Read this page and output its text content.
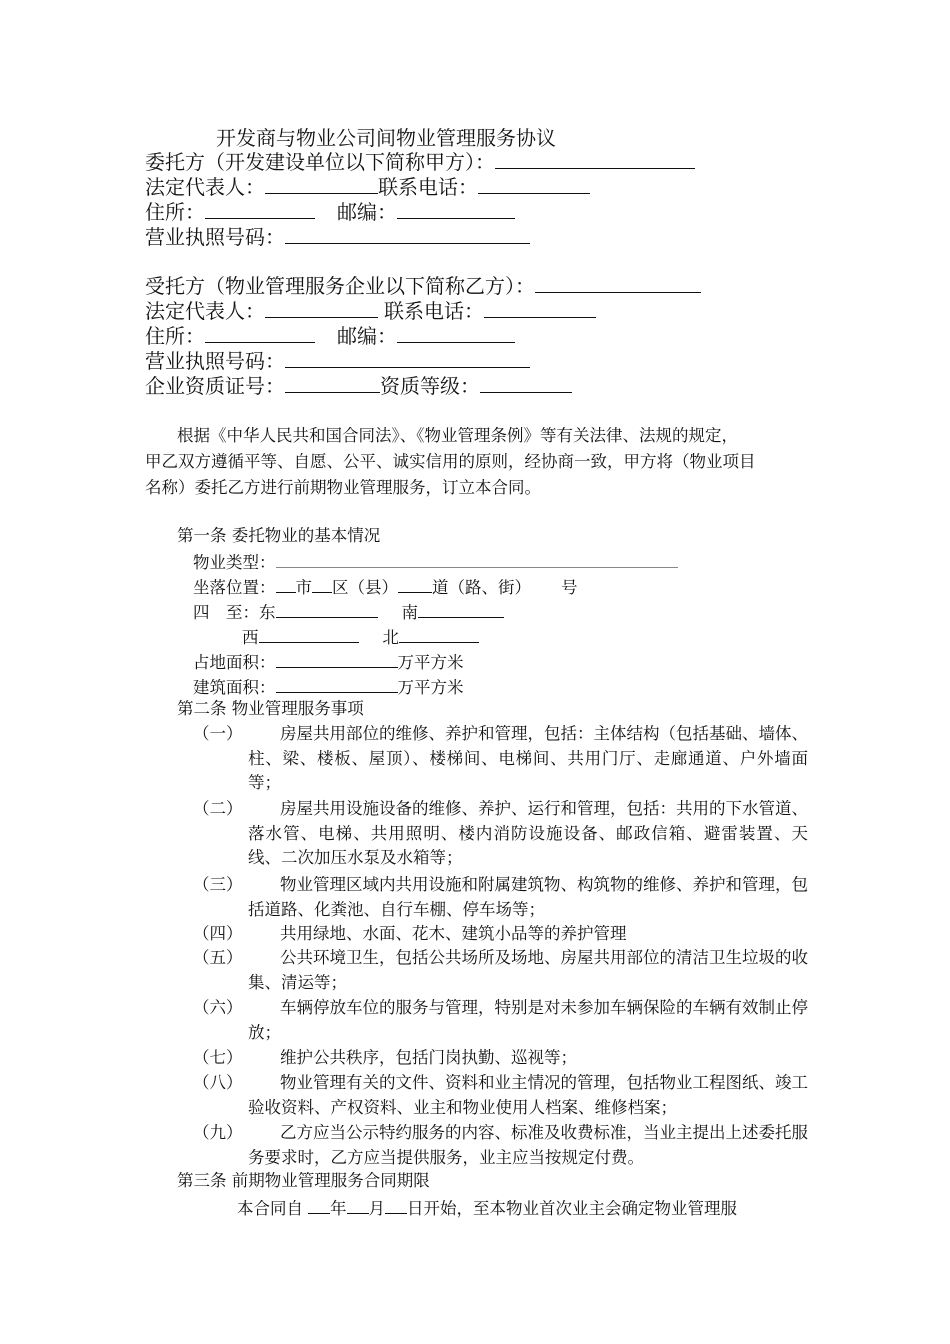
开发商与物业公司间物业管理服务协议
委托方（开发建设单位以下简称甲方）：
法定代表人：	联系电话：
住所：	邮编：
营业执照号码：
受托方（物业管理服务企业以下简称乙方）：
法定代表人：	联系电话：
住所：	邮编：
营业执照号码：
企业资质证号：	资质等级：
根据《中华人民共和国合同法》、《物业管理条例》等有关法律、法规的规定，
甲乙双方遵循平等、自愿、公平、诚实信用的原则，经协商一致，甲方将（物业项目
名称）委托乙方进行前期物业管理服务，订立本合同。
第一条 委托物业的基本情况
物业类型：
坐落位置： 市 区（县） 道（路、街） 号
四　至：东	南
西	北
占地面积：	万平方米
建筑面积：	万平方米
第二条 物业管理服务事项
（一）	房屋共用部位的维修、养护和管理，包括：主体结构（包括基础、墙体、柱、梁、楼板、屋顶）、楼梯间、电梯间、共用门厅、走廊通道、户外墙面等；
（二）	房屋共用设施设备的维修、养护、运行和管理，包括：共用的下水管道、落水管、电梯、共用照明、楼内消防设施设备、邮政信箱、避雷装置、天线、二次加压水泵及水箱等；
（三）	物业管理区域内共用设施和附属建筑物、构筑物的维修、养护和管理，包括道路、化粪池、自行车棚、停车场等；
（四）	共用绿地、水面、花木、建筑小品等的养护管理
（五）	公共环境卫生，包括公共场所及场地、房屋共用部位的清洁卫生垃圾的收集、清运等；
（六）	车辆停放车位的服务与管理，特别是对未参加车辆保险的车辆有效制止停放；
（七）	维护公共秩序，包括门岗执勤、巡视等；
（八）	物业管理有关的文件、资料和业主情况的管理，包括物业工程图纸、竣工验收资料、产权资料、业主和物业使用人档案、维修档案；
（九）	乙方应当公示特约服务的内容、标准及收费标准，当业主提出上述委托服务要求时，乙方应当提供服务，业主应当按规定付费。
第三条 前期物业管理服务合同期限
本合同自 年 月 日开始，至本物业首次业主会确定物业管理服
